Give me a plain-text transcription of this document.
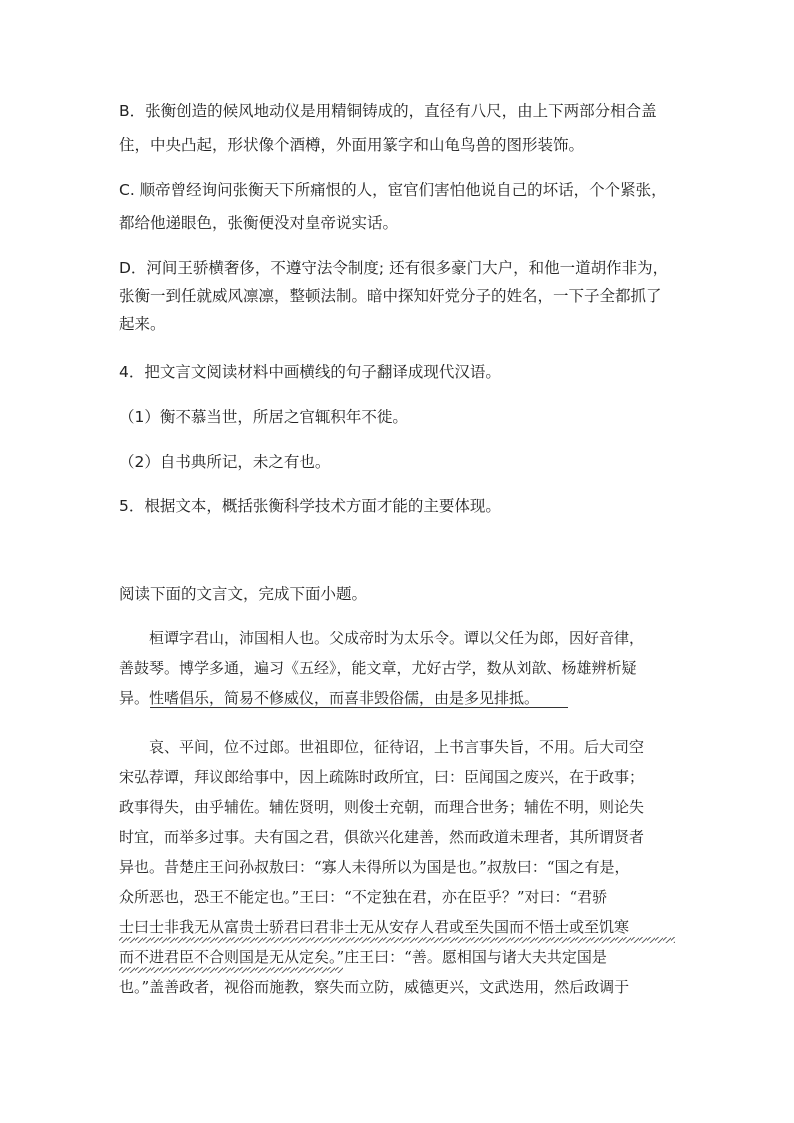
B．张衡创造的候风地动仪是用精铜铸成的，直径有八尺，由上下两部分相合盖
住，中央凸起，形状像个酒樽，外面用篆字和山龟鸟兽的图形装饰。
C. 顺帝曾经询问张衡天下所痛恨的人，宦官们害怕他说自己的坏话，个个紧张，
都给他递眼色，张衡便没对皇帝说实话。
D．河间王骄横奢侈，不遵守法令制度; 还有很多豪门大户，和他一道胡作非为，
张衡一到任就威风凛凛，整顿法制。暗中探知奸党分子的姓名，一下子全都抓了
起来。
4．把文言文阅读材料中画横线的句子翻译成现代汉语。
（1）衡不慕当世，所居之官辄积年不徙。
（2）自书典所记，未之有也。
5．根据文本，概括张衡科学技术方面才能的主要体现。
阅读下面的文言文，完成下面小题。
桓谭字君山，沛国相人也。父成帝时为太乐令。谭以父任为郎，因好音律，
善鼓琴。博学多通，遍习《五经》，能文章，尤好古学，数从刘歆、杨雄辨析疑
异。性嗜倡乐，简易不修威仪，而喜非毁俗儒，由是多见排抵。
哀、平间，位不过郎。世祖即位，征待诏，上书言事失旨，不用。后大司空
宋弘荐谭，拜议郎给事中，因上疏陈时政所宜，曰：臣闻国之废兴，在于政事；
政事得失，由乎辅佐。辅佐贤明，则俊士充朝，而理合世务；辅佐不明，则论失
时宜，而举多过事。夫有国之君，俱欲兴化建善，然而政道未理者，其所谓贤者
异也。昔楚庄王问孙叔敖曰：“寡人未得所以为国是也。”叔敖曰：“国之有是，
众所恶也，恐王不能定也。”王曰：“不定独在君，亦在臣乎？”对曰：“君骄
士曰士非我无从富贵士骄君曰君非士无从安存人君或至失国而不悟士或至饥寒
而不进君臣不合则国是无从定矣。”庄王曰：“善。愿相国与诸大夫共定国是
也。”盖善政者，视俗而施教，察失而立防，威德更兴，文武迭用，然后政调于
